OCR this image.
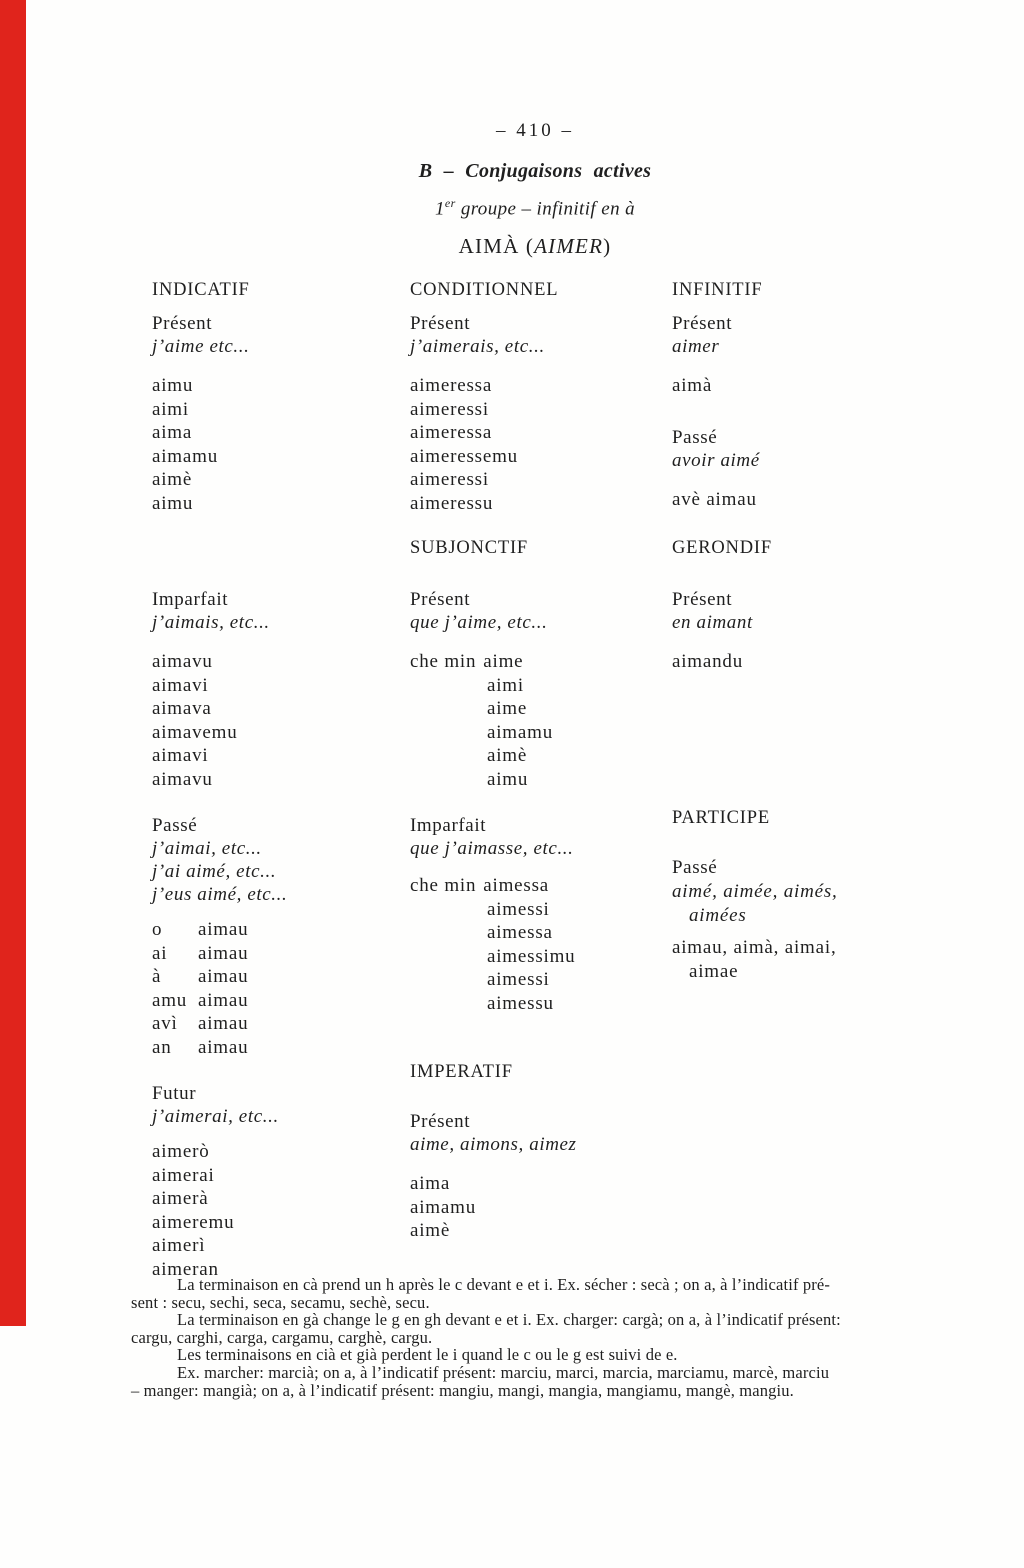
– 410 –
B – Conjugaisons actives
1er groupe – infinitif en à
AIMÀ (AIMER)
INDICATIF	CONDITIONNEL	INFINITIF
Présent
j’aime etc...
aimu
aimi
aima
aimamu
aimè
aimu
Présent
j’aimerais, etc...
aimeressa
aimeressi
aimeressa
aimeressemu
aimeressi
aimeressu
Présent
aimer
aimà
Passé
avoir aimé
avè aimau
SUBJONCTIF	GERONDIF
Imparfait
j’aimais, etc...
aimavu
aimavi
aimava
aimavemu
aimavi
aimavu
Présent
que j’aime, etc...
che min aime
aimi
aime
aimamu
aimè
aimu
Présent
en aimant
aimandu
PARTICIPE
Passé
aimé, aimée, aimés,
aimées
aimau, aimà, aimai,
aimae
Passé
j’aimai, etc...
j’ai aimé, etc...
j’eus aimé, etc...
o aimau
ai aimau
à aimau
amu aimau
avì aimau
an aimau
Imparfait
que j’aimasse, etc...
che min aimessa
aimessi
aimessa
aimessimu
aimessi
aimessu
Futur
j’aimerai, etc...
aimerò
aimerai
aimerà
aimeremu
aimerì
aimeran
IMPERATIF
Présent
aime, aimons, aimez
aima
aimamu
aimè
La terminaison en cà prend un h après le c devant e et i. Ex. sécher : secà ; on a, à l’indicatif pré-
sent : secu, sechi, seca, secamu, sechè, secu.
La terminaison en gà change le g en gh devant e et i. Ex. charger: cargà; on a, à l’indicatif présent:
cargu, carghi, carga, cargamu, carghè, cargu.
Les terminaisons en cià et già perdent le i quand le c ou le g est suivi de e.
Ex. marcher: marcià; on a, à l’indicatif présent: marciu, marci, marcia, marciamu, marcè, marciu
– manger: mangià; on a, à l’indicatif présent: mangiu, mangi, mangia, mangiamu, mangè, mangiu.
